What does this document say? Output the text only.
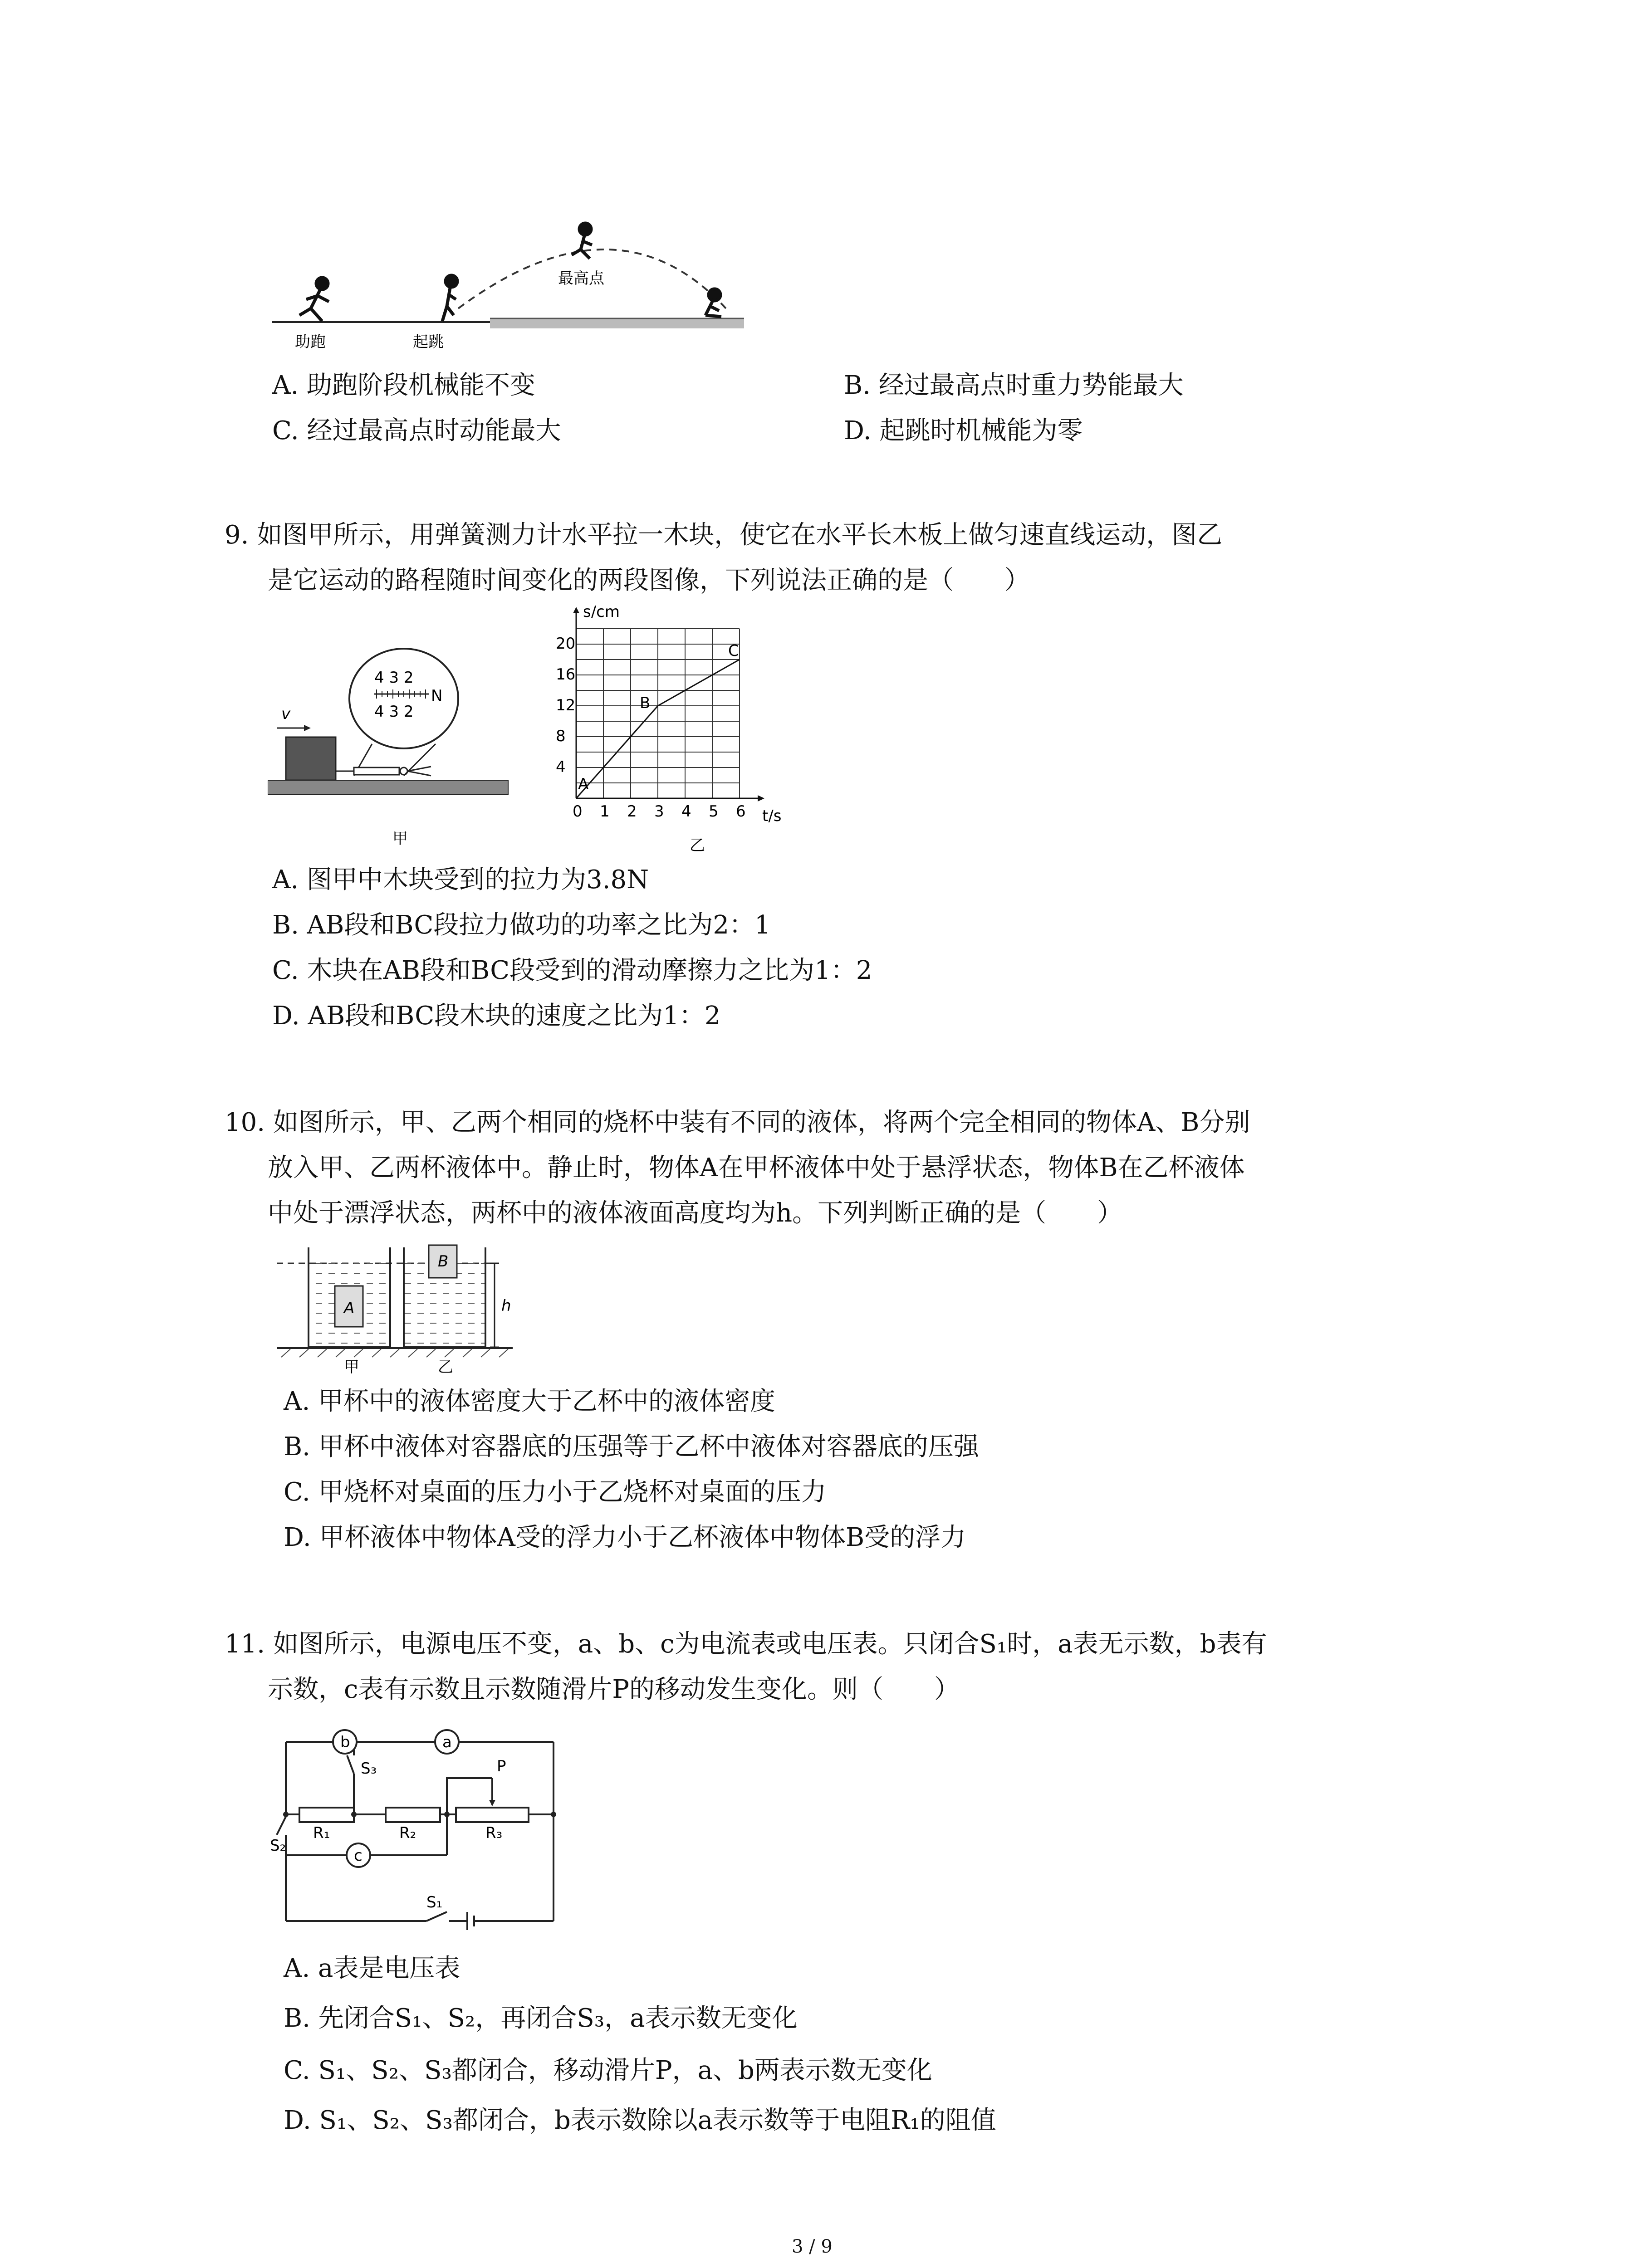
助跑	起跳
最高点
A. 助跑阶段机械能不变	B. 经过最高点时重力势能最大
C. 经过最高点时动能最大	D. 起跳时机械能为零
9. 如图甲所示，用弹簧测力计水平拉一木块，使它在水平长木板上做匀速直线运动，图乙
是它运动的路程随时间变化的两段图像，下列说法正确的是（　　）
4 3 2
N
4 3 2
v
甲
s/cm
t/s
A
B
C
0 1 2 3 4 5 6
4
8
12
16
20
乙
A. 图甲中木块受到的拉力为3.8N
B. AB段和BC段拉力做功的功率之比为2：1
C. 木块在AB段和BC段受到的滑动摩擦力之比为1：2
D. AB段和BC段木块的速度之比为1：2
10. 如图所示，甲、乙两个相同的烧杯中装有不同的液体，将两个完全相同的物体A、B分别
放入甲、乙两杯液体中。静止时，物体A在甲杯液体中处于悬浮状态，物体B在乙杯液体
中处于漂浮状态，两杯中的液体液面高度均为h。下列判断正确的是（　　）
A
B
h
甲	乙
A. 甲杯中的液体密度大于乙杯中的液体密度
B. 甲杯中液体对容器底的压强等于乙杯中液体对容器底的压强
C. 甲烧杯对桌面的压力小于乙烧杯对桌面的压力
D. 甲杯液体中物体A受的浮力小于乙杯液体中物体B受的浮力
11. 如图所示，电源电压不变，a、b、c为电流表或电压表。只闭合S₁时，a表无示数，b表有
示数，c表有示数且示数随滑片P的移动发生变化。则（　　）
b	a
c
S₃
S₂
S₁
R₁	R₂	R₃
P
A. a表是电压表
B. 先闭合S₁、S₂，再闭合S₃，a表示数无变化
C. S₁、S₂、S₃都闭合，移动滑片P，a、b两表示数无变化
D. S₁、S₂、S₃都闭合，b表示数除以a表示数等于电阻R₁的阻值
3 / 9
